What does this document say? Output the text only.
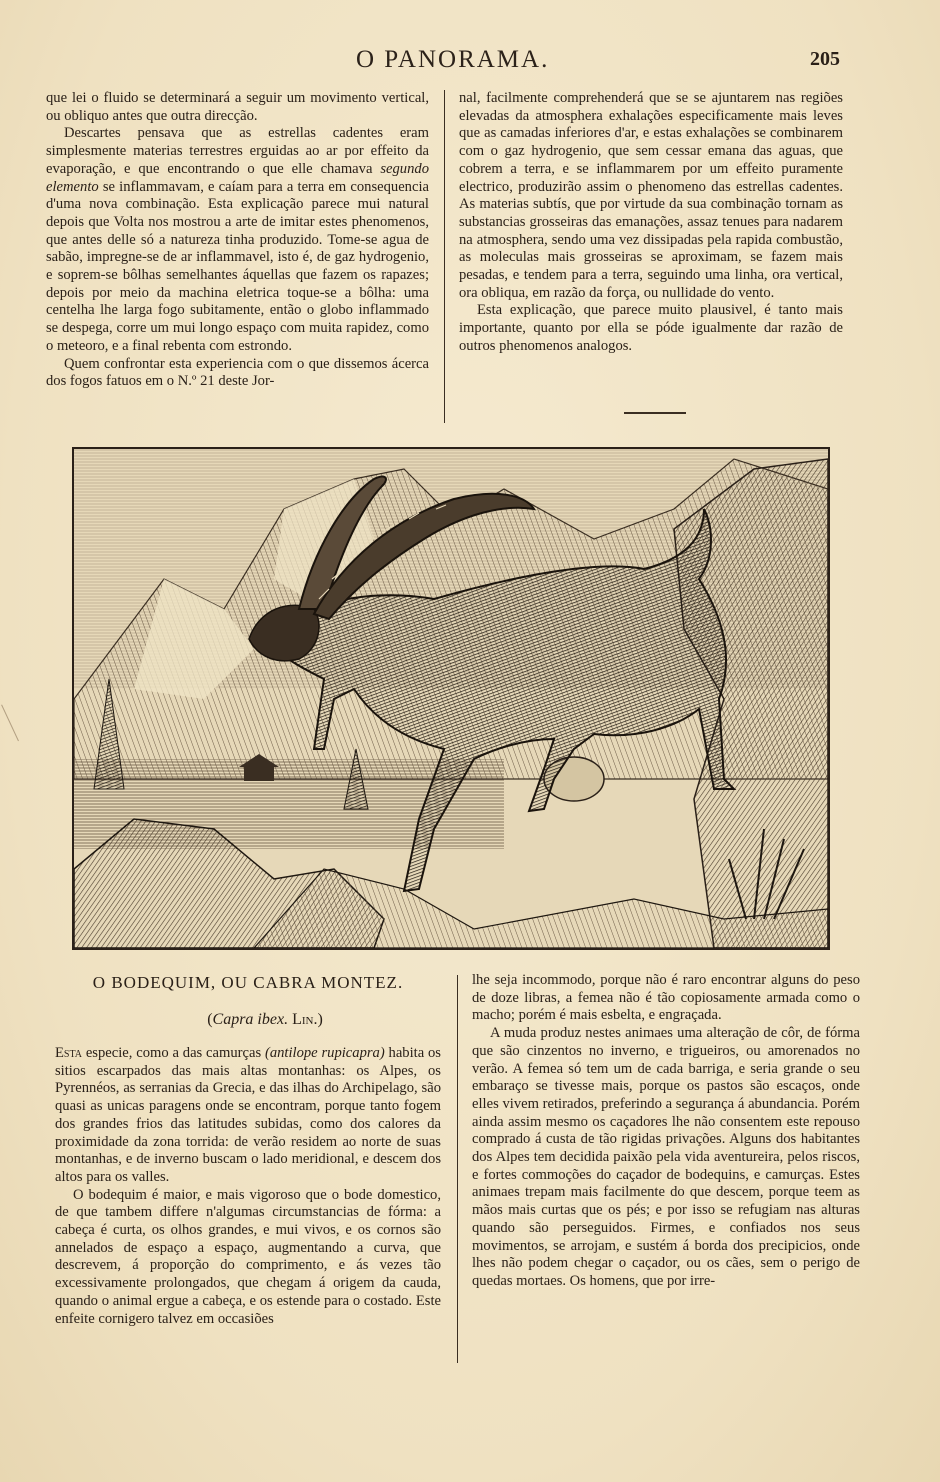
O PANORAMA.	205

que lei o fluido se determinará a seguir um movimento vertical, ou obliquo antes que outra direcção.

Descartes pensava que as estrellas cadentes eram simplesmente materias terrestres erguidas ao ar por effeito da evaporação, e que encontrando o que elle chamava segundo elemento se inflammavam, e caíam para a terra em consequencia d'uma nova combinação. Esta explicação parece mui natural depois que Volta nos mostrou a arte de imitar estes phenomenos, que antes delle só a natureza tinha produzido. Tome-se agua de sabão, impregne-se de ar inflammavel, isto é, de gaz hydrogenio, e soprem-se bôlhas semelhantes áquellas que fazem os rapazes; depois por meio da machina eletrica toque-se a bôlha: uma centelha lhe larga fogo subitamente, então o globo inflammado se despega, corre um mui longo espaço com muita rapidez, como o meteoro, e a final rebenta com estrondo.

Quem confrontar esta experiencia com o que dissemos ácerca dos fogos fatuos em o N.º 21 deste Jor-

nal, facilmente comprehenderá que se se ajuntarem nas regiões elevadas da atmosphera exhalações especificamente mais leves que as camadas inferiores d'ar, e estas exhalações se combinarem com o gaz hydrogenio, que sem cessar emana das aguas, que cobrem a terra, e se inflammarem por um effeito puramente electrico, produzirão assim o phenomeno das estrellas cadentes. As materias subtís, que por virtude da sua combinação tornam as substancias grosseiras das emanações, assaz tenues para nadarem na atmosphera, sendo uma vez dissipadas pela rapida combustão, as moleculas mais grosseiras se aproximam, se fazem mais pesadas, e tendem para a terra, seguindo uma linha, ora vertical, ora obliqua, em razão da força, ou nullidade do vento.

Esta explicação, que parece muito plausivel, é tanto mais importante, quanto por ella se póde igualmente dar razão de outros phenomenos analogos.

O BODEQUIM, OU CABRA MONTEZ.
(Capra ibex. Lin.)

Esta especie, como a das camurças (antilope rupicapra) habita os sitios escarpados das mais altas montanhas: os Alpes, os Pyrennéos, as serranias da Grecia, e das ilhas do Archipelago, são quasi as unicas paragens onde se encontram, porque tanto fogem dos grandes frios das latitudes subidas, como dos calores da proximidade da zona torrida: de verão residem ao norte de suas montanhas, e de inverno buscam o lado meridional, e descem dos altos para os valles.

O bodequim é maior, e mais vigoroso que o bode domestico, de que tambem differe n'algumas circumstancias de fórma: a cabeça é curta, os olhos grandes, e mui vivos, e os cornos são annelados de espaço a espaço, augmentando a curva, que descrevem, á proporção do comprimento, e ás vezes tão excessivamente prolongados, que chegam á origem da cauda, quando o animal ergue a cabeça, e os estende para o costado. Este enfeite cornigero talvez em occasiões

lhe seja incommodo, porque não é raro encontrar alguns do peso de doze libras, a femea não é tão copiosamente armada como o macho; porém é mais esbelta, e engraçada.

A muda produz nestes animaes uma alteração de côr, de fórma que são cinzentos no inverno, e trigueiros, ou amorenados no verão. A femea só tem um de cada barriga, e seria grande o seu embaraço se tivesse mais, porque os pastos são escaços, onde elles vivem retirados, preferindo a segurança á abundancia. Porém ainda assim mesmo os caçadores lhe não consentem este repouso comprado á custa de tão rigidas privações. Alguns dos habitantes dos Alpes tem decidida paixão pela vida aventureira, pelos riscos, e fortes commoções do caçador de bodequins, e camurças. Estes animaes trepam mais facilmente do que descem, porque teem as mãos mais curtas que os pés; e por isso se refugiam nas alturas quando são perseguidos. Firmes, e confiados nos seus movimentos, se arrojam, e sustém á borda dos precipicios, onde lhes não podem chegar o caçador, ou os cães, sem o perigo de quedas mortaes. Os homens, que por irre-
